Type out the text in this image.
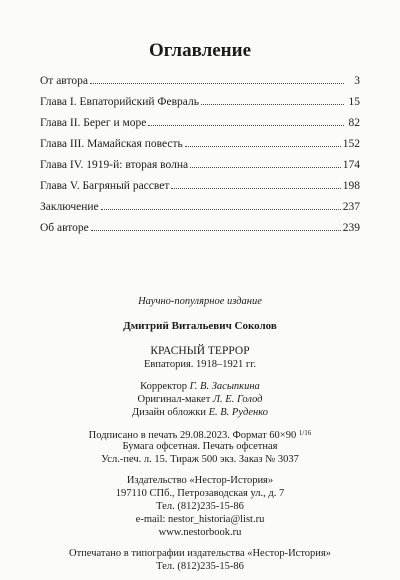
Оглавление
От автора	3
Глава I. Евпаторийский Февраль	15
Глава II. Берег и море	82
Глава III. Мамайская повесть	152
Глава IV. 1919-й: вторая волна	174
Глава V. Багряный рассвет	198
Заключение	237
Об авторе	239
Научно-популярное издание
Дмитрий Витальевич Соколов
КРАСНЫЙ ТЕРРОР
Евпатория. 1918–1921 гг.
Корректор Г. В. Засыпкина
Оригинал-макет Л. Е. Голод
Дизайн обложки Е. В. Руденко
Подписано в печать 29.08.2023. Формат 60×90 $^{1/16}$
Бумага офсетная. Печать офсетная
Усл.-печ. л. 15. Тираж 500 экз. Заказ № 3037
Издательство «Нестор-История»
197110 СПб., Петрозаводская ул., д. 7
Тел. (812)235-15-86
e-mail: nestor_historia@list.ru
www.nestorbook.ru
Отпечатано в типографии издательства «Нестор-История»
Тел. (812)235-15-86
